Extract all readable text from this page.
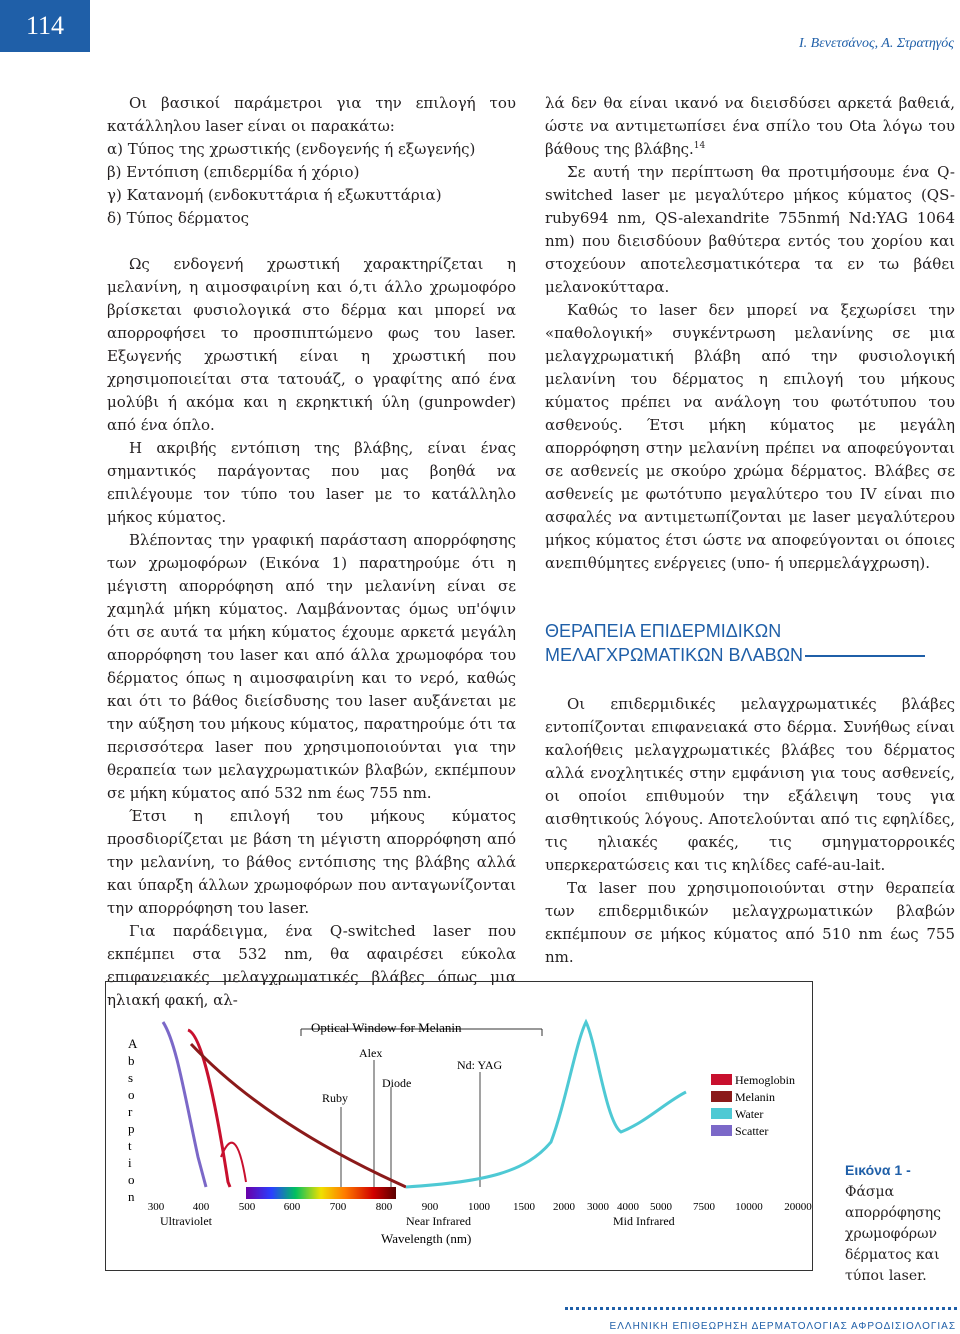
114
Ι. Βενετσάνος, Α. Στρατηγός

Οι βασικοί παράμετροι για την επιλογή του κατάλληλου laser είναι οι παρακάτω:

α) Τύπος της χρωστικής (ενδογενής ή εξωγενής)

β) Εντόπιση (επιδερμίδα ή χόριο)

γ) Κατανομή (ενδοκυττάρια ή εξωκυττάρια)

δ) Τύπος δέρματος

Ως ενδογενή χρωστική χαρακτηρίζεται η μελανίνη, η αιμοσφαιρίνη και ό,τι άλλο χρωμοφόρο βρίσκεται φυσιολογικά στο δέρμα και μπορεί να απορροφήσει το προσπιπτώμενο φως του laser. Εξωγενής χρωστική είναι η χρωστική που χρησιμοποιείται στα τατουάζ, ο γραφίτης από ένα μολύβι ή ακόμα και η εκρηκτική ύλη (gunpowder) από ένα όπλο.

Η ακριβής εντόπιση της βλάβης, είναι ένας σημαντικός παράγοντας που μας βοηθά να επιλέγουμε τον τύπο του laser με το κατάλληλο μήκος κύματος.

Βλέποντας την γραφική παράσταση απορρόφησης των χρωμοφόρων (Εικόνα 1) παρατηρούμε ότι η μέγιστη απορρόφηση από την μελανίνη είναι σε χαμηλά μήκη κύματος. Λαμβάνοντας όμως υπ'όψιν ότι σε αυτά τα μήκη κύματος έχουμε αρκετά μεγάλη απορρόφηση του laser και από άλλα χρωμοφόρα του δέρματος όπως η αιμοσφαιρίνη και το νερό, καθώς και ότι το βάθος διείσδυσης του laser αυξάνεται με την αύξηση του μήκους κύματος, παρατηρούμε ότι τα περισσότερα laser που χρησιμοποιούνται για την θεραπεία των μελαγχρωματικών βλαβών, εκπέμπουν σε μήκη κύματος από 532 nm έως 755 nm.

Έτσι η επιλογή του μήκους κύματος προσδιορίζεται με βάση τη μέγιστη απορρόφηση από την μελανίνη, το βάθος εντόπισης της βλάβης αλλά και ύπαρξη άλλων χρωμοφόρων που ανταγωνίζονται την απορρόφηση του laser.

Για παράδειγμα, ένα Q-switched laser που εκπέμπει στα 532 nm, θα αφαιρέσει εύκολα επιφανειακές μελαγχρωματικές βλάβες όπως μια ηλιακή φακή, αλ-

λά δεν θα είναι ικανό να διεισδύσει αρκετά βαθειά, ώστε να αντιμετωπίσει ένα σπίλο του Ota λόγω του βάθους της βλάβης.$^{14}$

Σε αυτή την περίπτωση θα προτιμήσουμε ένα Q-switched laser με μεγαλύτερο μήκος κύματος (QS-ruby694 nm, QS-alexandrite 755nmή Nd:YAG 1064 nm) που διεισδύουν βαθύτερα εντός του χορίου και στοχεύουν αποτελεσματικότερα τα εν τω βάθει μελανοκύτταρα.

Καθώς το laser δεν μπορεί να ξεχωρίσει την «παθολογική» συγκέντρωση μελανίνης σε μια μελαγχρωματική βλάβη από την φυσιολογική μελανίνη του δέρματος η επιλογή του μήκους κύματος πρέπει να ανάλογη του φωτότυπου του ασθενούς. Έτσι μήκη κύματος με μεγάλη απορρόφηση στην μελανίνη πρέπει να αποφεύγονται σε ασθενείς με σκούρο χρώμα δέρματος. Βλάβες σε ασθενείς με φωτότυπο μεγαλύτερο του IV είναι πιο ασφαλές να αντιμετωπίζονται με laser μεγαλύτερου μήκος κύματος έτσι ώστε να αποφεύγονται οι όποιες ανεπιθύμητες ενέργειες (υπο- ή υπερμελάγχρωση).

ΘΕΡΑΠΕΙΑ ΕΠΙΔΕΡΜΙΔΙΚΩΝ
ΜΕΛΑΓΧΡΩΜΑΤΙΚΩΝ ΒΛΑΒΩΝ

Οι επιδερμιδικές μελαγχρωματικές βλάβες εντοπίζονται επιφανειακά στο δέρμα. Συνήθως είναι καλοήθεις μελαγχρωματικές βλάβες του δέρματος αλλά ενοχλητικές στην εμφάνιση για τους ασθενείς, οι οποίοι επιθυμούν την εξάλειψη τους για αισθητικούς λόγους. Αποτελούνται από τις εφηλίδες, τις ηλιακές φακές, τις σμηγματορροικές υπερκερατώσεις και τις κηλίδες café-au-lait.

Τα laser που χρησιμοποιούνται στην θεραπεία των επιδερμιδικών μελαγχρωματικών βλαβών εκπέμπουν σε μήκος κύματος από 510 nm έως 755 nm.

A
b
s
o
r
p
t
i
o
n
300	400	500	600	700	800	900	1000 1500 2000 3000 4000 5000 7500 10000 20000
Hemoglobin
Melanin
Water
Scatter
Optical Window for Melanin
Ruby
Alex
Diode
Nd: YAG
Ultraviolet	Near Infrared	Mid Infrared
Wavelength (nm)
Εικόνα 1 - Φάσμα απορρόφησης χρωμοφόρων δέρματος και τύποι laser.
ΕΛΛΗΝΙΚΗ ΕΠΙΘΕΩΡΗΣΗ ΔΕΡΜΑΤΟΛΟΓΙΑΣ ΑΦΡΟΔΙΣΙΟΛΟΓΙΑΣ
